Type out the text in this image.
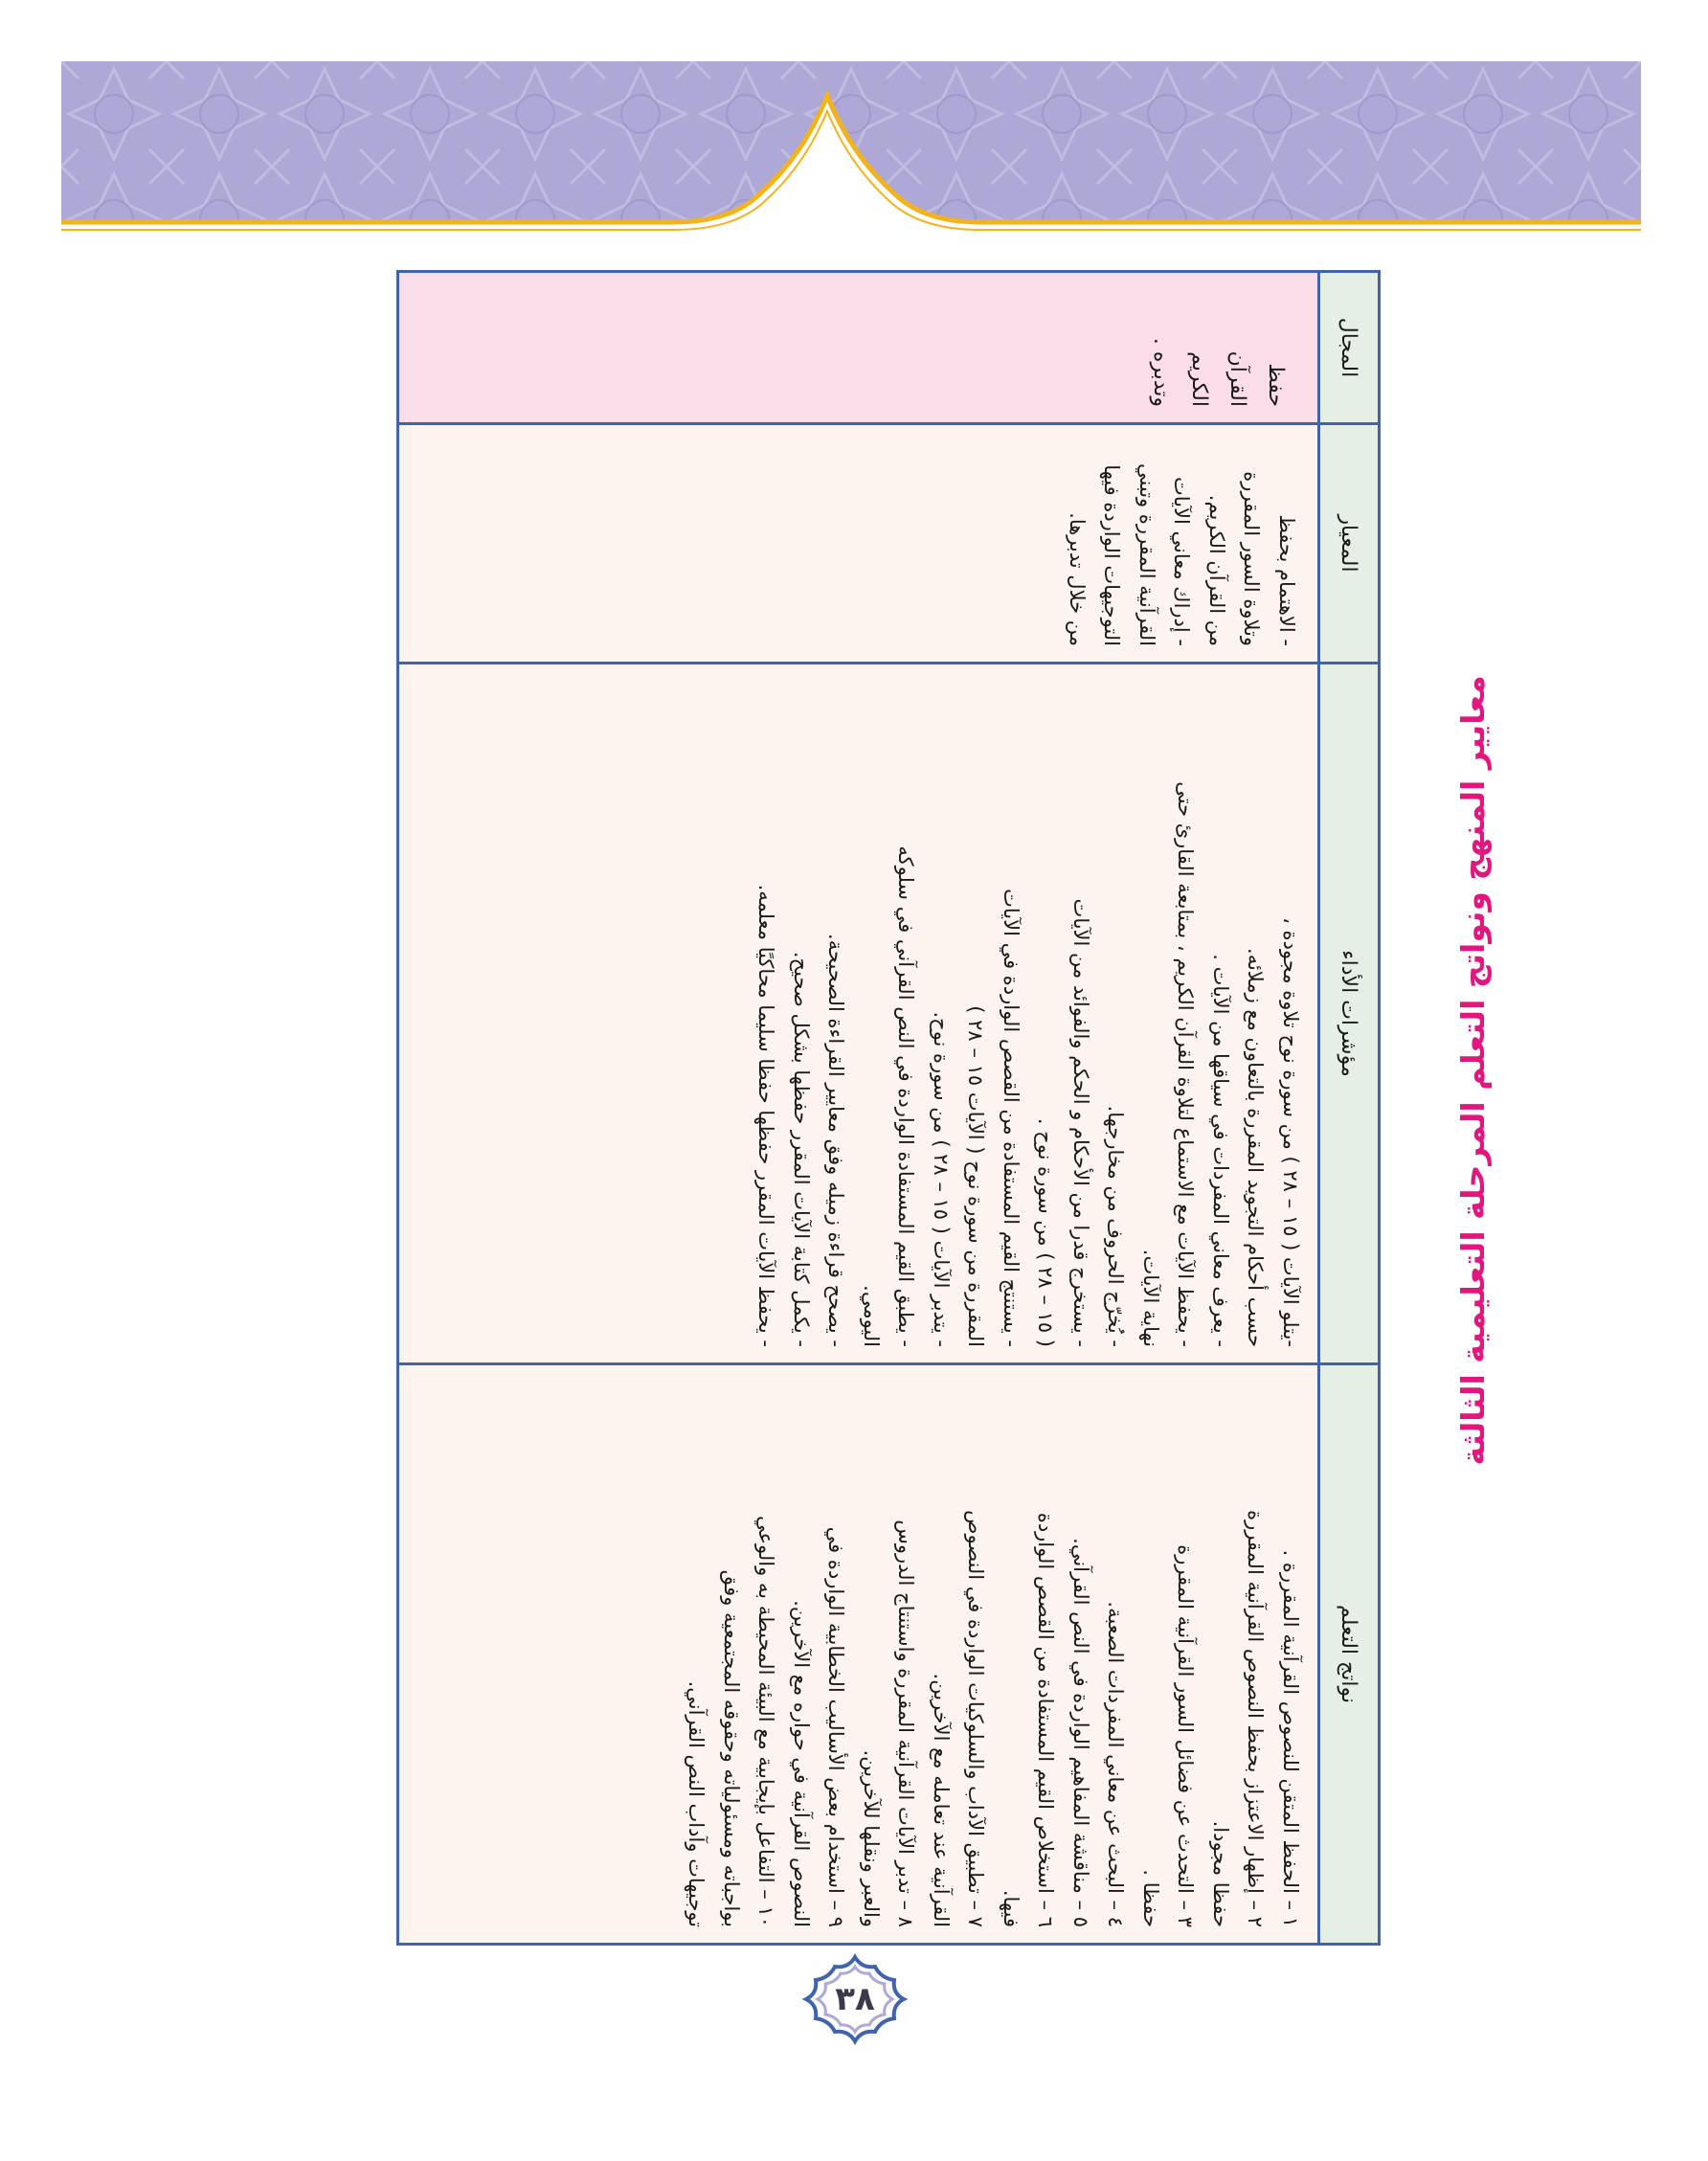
معايير المنهج ونواتج التعلم المرحلة التعليمية الثالثة
نواتج التعلم
١ – الحفظ المتقن للنصوص القرآنية المقررة .
٢ – إظهار الاعتزاز بحفظ النصوص القرآنية المقررة
حفظا مجودا.
٣ – التحدث عن فضائل السور القرآنية المقررة
حفظا .
٤ – البحث عن معاني المفردات الصعبة.
٥ – مناقشة المفاهيم الواردة في النص القرآني.
٦ – استخلاص القيم المستفادة من القصص الواردة
فيها.
٧ – تطبيق الآداب والسلوكيات الواردة في النصوص
القرآنية عند تعامله مع الآخرين.
٨ – تدبر الآيات القرآنية المقررة واستنتاج الدروس
والعبر ونقلها للآخرين.
٩ – استخدام بعض الأساليب الخطابية الواردة في
النصوص القرآنية في حواره مع الآخرين.
١٠ – التفاعل بإيجابية مع البيئة المحيطة به والوعي
بواجباته ومسئولياته وحقوقه المجتمعية وفق
توجيهات وآداب النص القرآني.
مؤشرات الأداء
-يتلو الآيات ( ١٥ – ٢٨ ) من سورة نوح تلاوة مجودة ،
حسب أحكام التجويد المقررة بالتعاون مع زملائه.
- يعرف معاني المفردات في سياقها من الآيات .
- يحفظ الآيات مع الاستماع لتلاوة القرآن الكريم ، بمتابعة القارئ حتى
نهاية الآيات.
- يُخرّج الحروف من مخارجها.
- يستخرج قدرا من الأحكام و الحكم والفوائد من الآيات
( ١٥ – ٢٨ ) من سورة نوح .
- يستنتج القيم المستفادة من القصص الواردة في الآيات
المقررة من سورة نوح ( الآيات ١٥ – ٢٨ )
- يتدبر الآيات ( ١٥ – ٢٨ ) من سورة نوح.
- يطبق القيم المستفادة الواردة في النص القرآني في سلوكه
اليومي.
- يصحح قراءة زميله وفق معايير القراءة الصحيحة.
- يكمل كتابة الآيات المقرر حفظها بشكل صحيح.
- يحفظ الآيات المقرر حفظها حفظا سليما محاكيًا معلمه.
المعيار
- الاهتمام بحفظ
وتلاوة السور المقررة
من القرآن الكريم.
- إدراك معاني الآيات
القرآنية المقررة وتبني
التوجيهات الواردة فيها
من خلال تدبرها.
المجال
حفظ
القرآن
الكريم
وتدبره .
٣٨
